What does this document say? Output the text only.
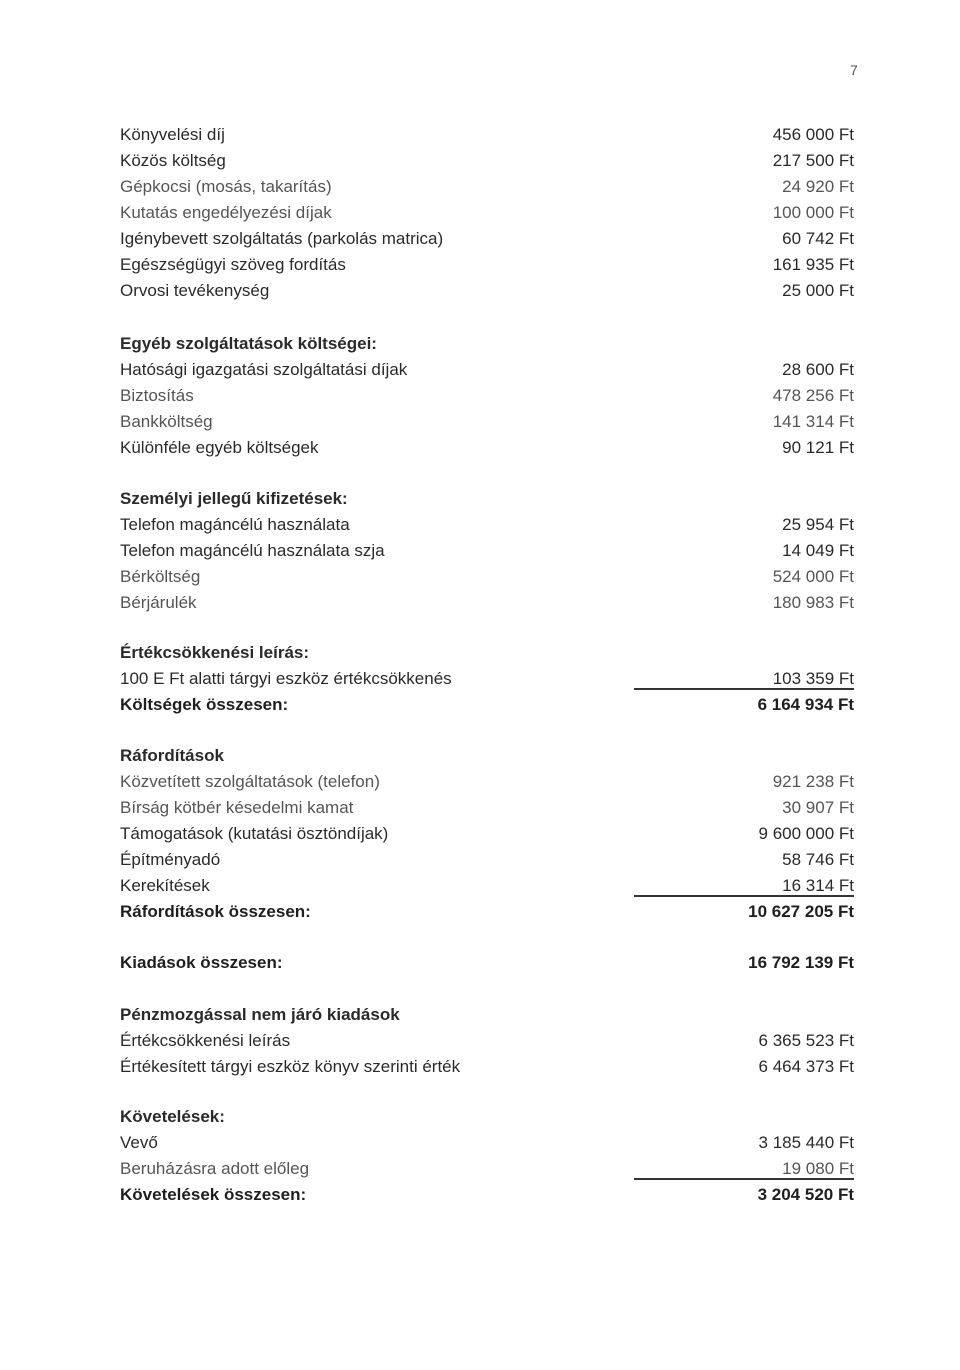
7
Könyvelési díj	456 000 Ft
Közös költség	217 500 Ft
Gépkocsi (mosás, takarítás)	24 920 Ft
Kutatás engedélyezési díjak	100 000 Ft
Igénybevett szolgáltatás (parkolás matrica)	60 742 Ft
Egészségügyi szöveg fordítás	161 935 Ft
Orvosi tevékenység	25 000 Ft
Egyéb szolgáltatások költségei:
Hatósági igazgatási szolgáltatási díjak	28 600 Ft
Biztosítás	478 256 Ft
Bankköltség	141 314 Ft
Különféle egyéb költségek	90 121 Ft
Személyi jellegű kifizetések:
Telefon magáncélú használata	25 954 Ft
Telefon magáncélú használata szja	14 049 Ft
Bérköltség	524 000 Ft
Bérjárulék	180 983 Ft
Értékcsökkenési leírás:
100 E Ft alatti tárgyi eszköz értékcsökkenés	103 359 Ft
Költségek összesen:	6 164 934 Ft
Ráfordítások
Közvetített szolgáltatások (telefon)	921 238 Ft
Bírság kötbér késedelmi kamat	30 907 Ft
Támogatások (kutatási ösztöndíjak)	9 600 000 Ft
Építményadó	58 746 Ft
Kerekítések	16 314 Ft
Ráfordítások összesen:	10 627 205 Ft
Kiadások összesen:	16 792 139 Ft
Pénzmozgással nem járó kiadások
Értékcsökkenési leírás	6 365 523 Ft
Értékesített tárgyi eszköz könyv szerinti érték	6 464 373 Ft
Követelések:
Vevő	3 185 440 Ft
Beruházásra adott előleg	19 080 Ft
Követelések összesen:	3 204 520 Ft
